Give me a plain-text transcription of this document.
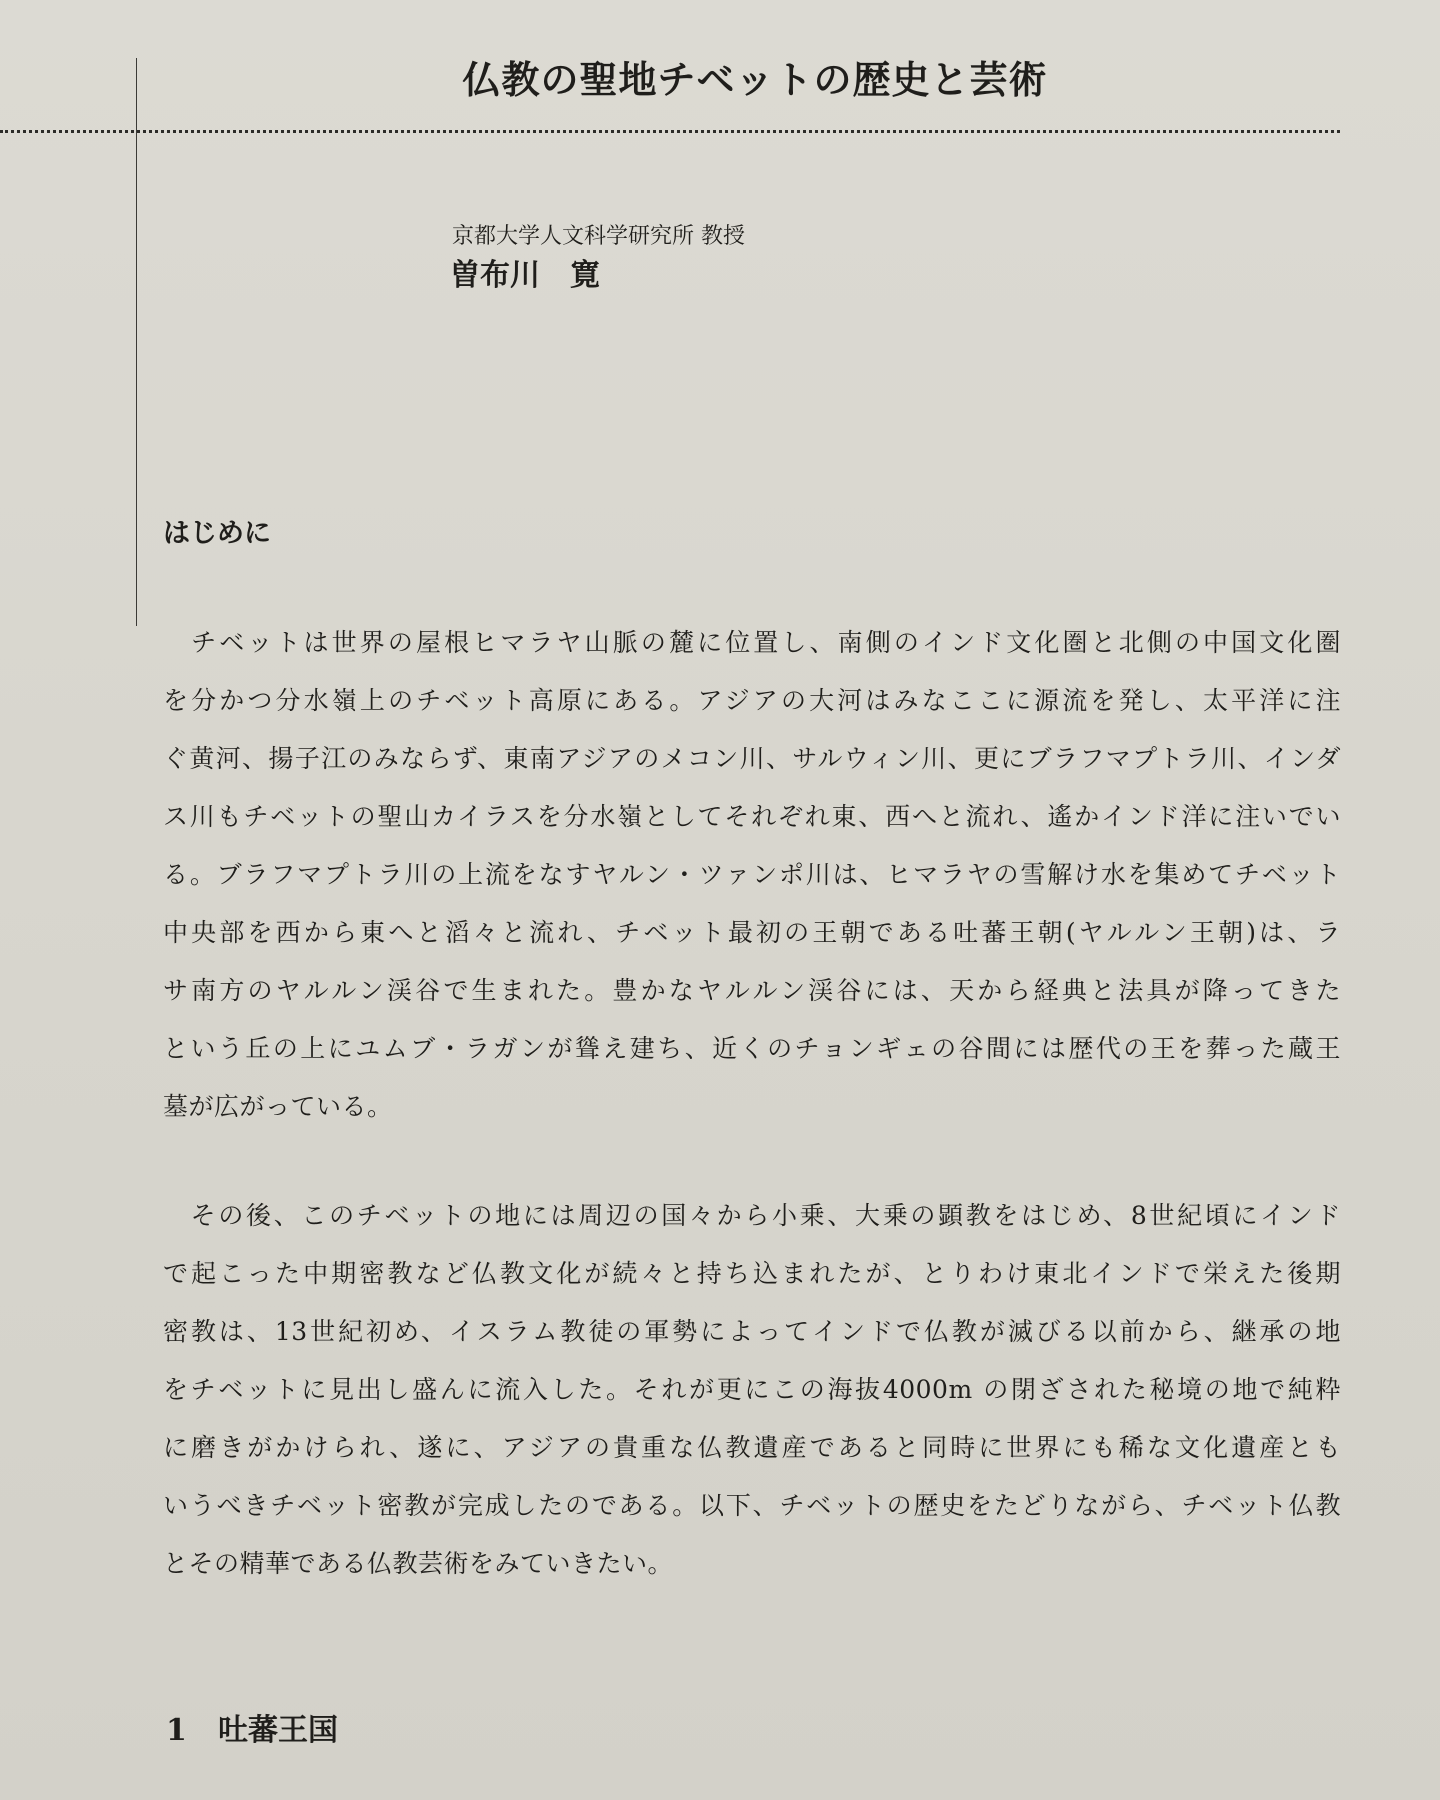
仏教の聖地チベットの歴史と芸術
京都大学人文科学研究所 教授
曽布川　寛
はじめに
　チベットは世界の屋根ヒマラヤ山脈の麓に位置し、南側のインド文化圏と北側の中国文化圏
を分かつ分水嶺上のチベット高原にある。アジアの大河はみなここに源流を発し、太平洋に注
ぐ黄河、揚子江のみならず、東南アジアのメコン川、サルウィン川、更にブラフマプトラ川、インダ
ス川もチベットの聖山カイラスを分水嶺としてそれぞれ東、西へと流れ、遙かインド洋に注いでい
る。ブラフマプトラ川の上流をなすヤルン・ツァンポ川は、ヒマラヤの雪解け水を集めてチベット
中央部を西から東へと滔々と流れ、チベット最初の王朝である吐蕃王朝(ヤルルン王朝)は、ラ
サ南方のヤルルン渓谷で生まれた。豊かなヤルルン渓谷には、天から経典と法具が降ってきた
という丘の上にユムブ・ラガンが聳え建ち、近くのチョンギェの谷間には歴代の王を葬った蔵王
墓が広がっている。
　その後、このチベットの地には周辺の国々から小乗、大乗の顕教をはじめ、8世紀頃にインド
で起こった中期密教など仏教文化が続々と持ち込まれたが、とりわけ東北インドで栄えた後期
密教は、13世紀初め、イスラム教徒の軍勢によってインドで仏教が滅びる以前から、継承の地
をチベットに見出し盛んに流入した。それが更にこの海抜4000m の閉ざされた秘境の地で純粋
に磨きがかけられ、遂に、アジアの貴重な仏教遺産であると同時に世界にも稀な文化遺産とも
いうべきチベット密教が完成したのである。以下、チベットの歴史をたどりながら、チベット仏教
とその精華である仏教芸術をみていきたい。
1 吐蕃王国
